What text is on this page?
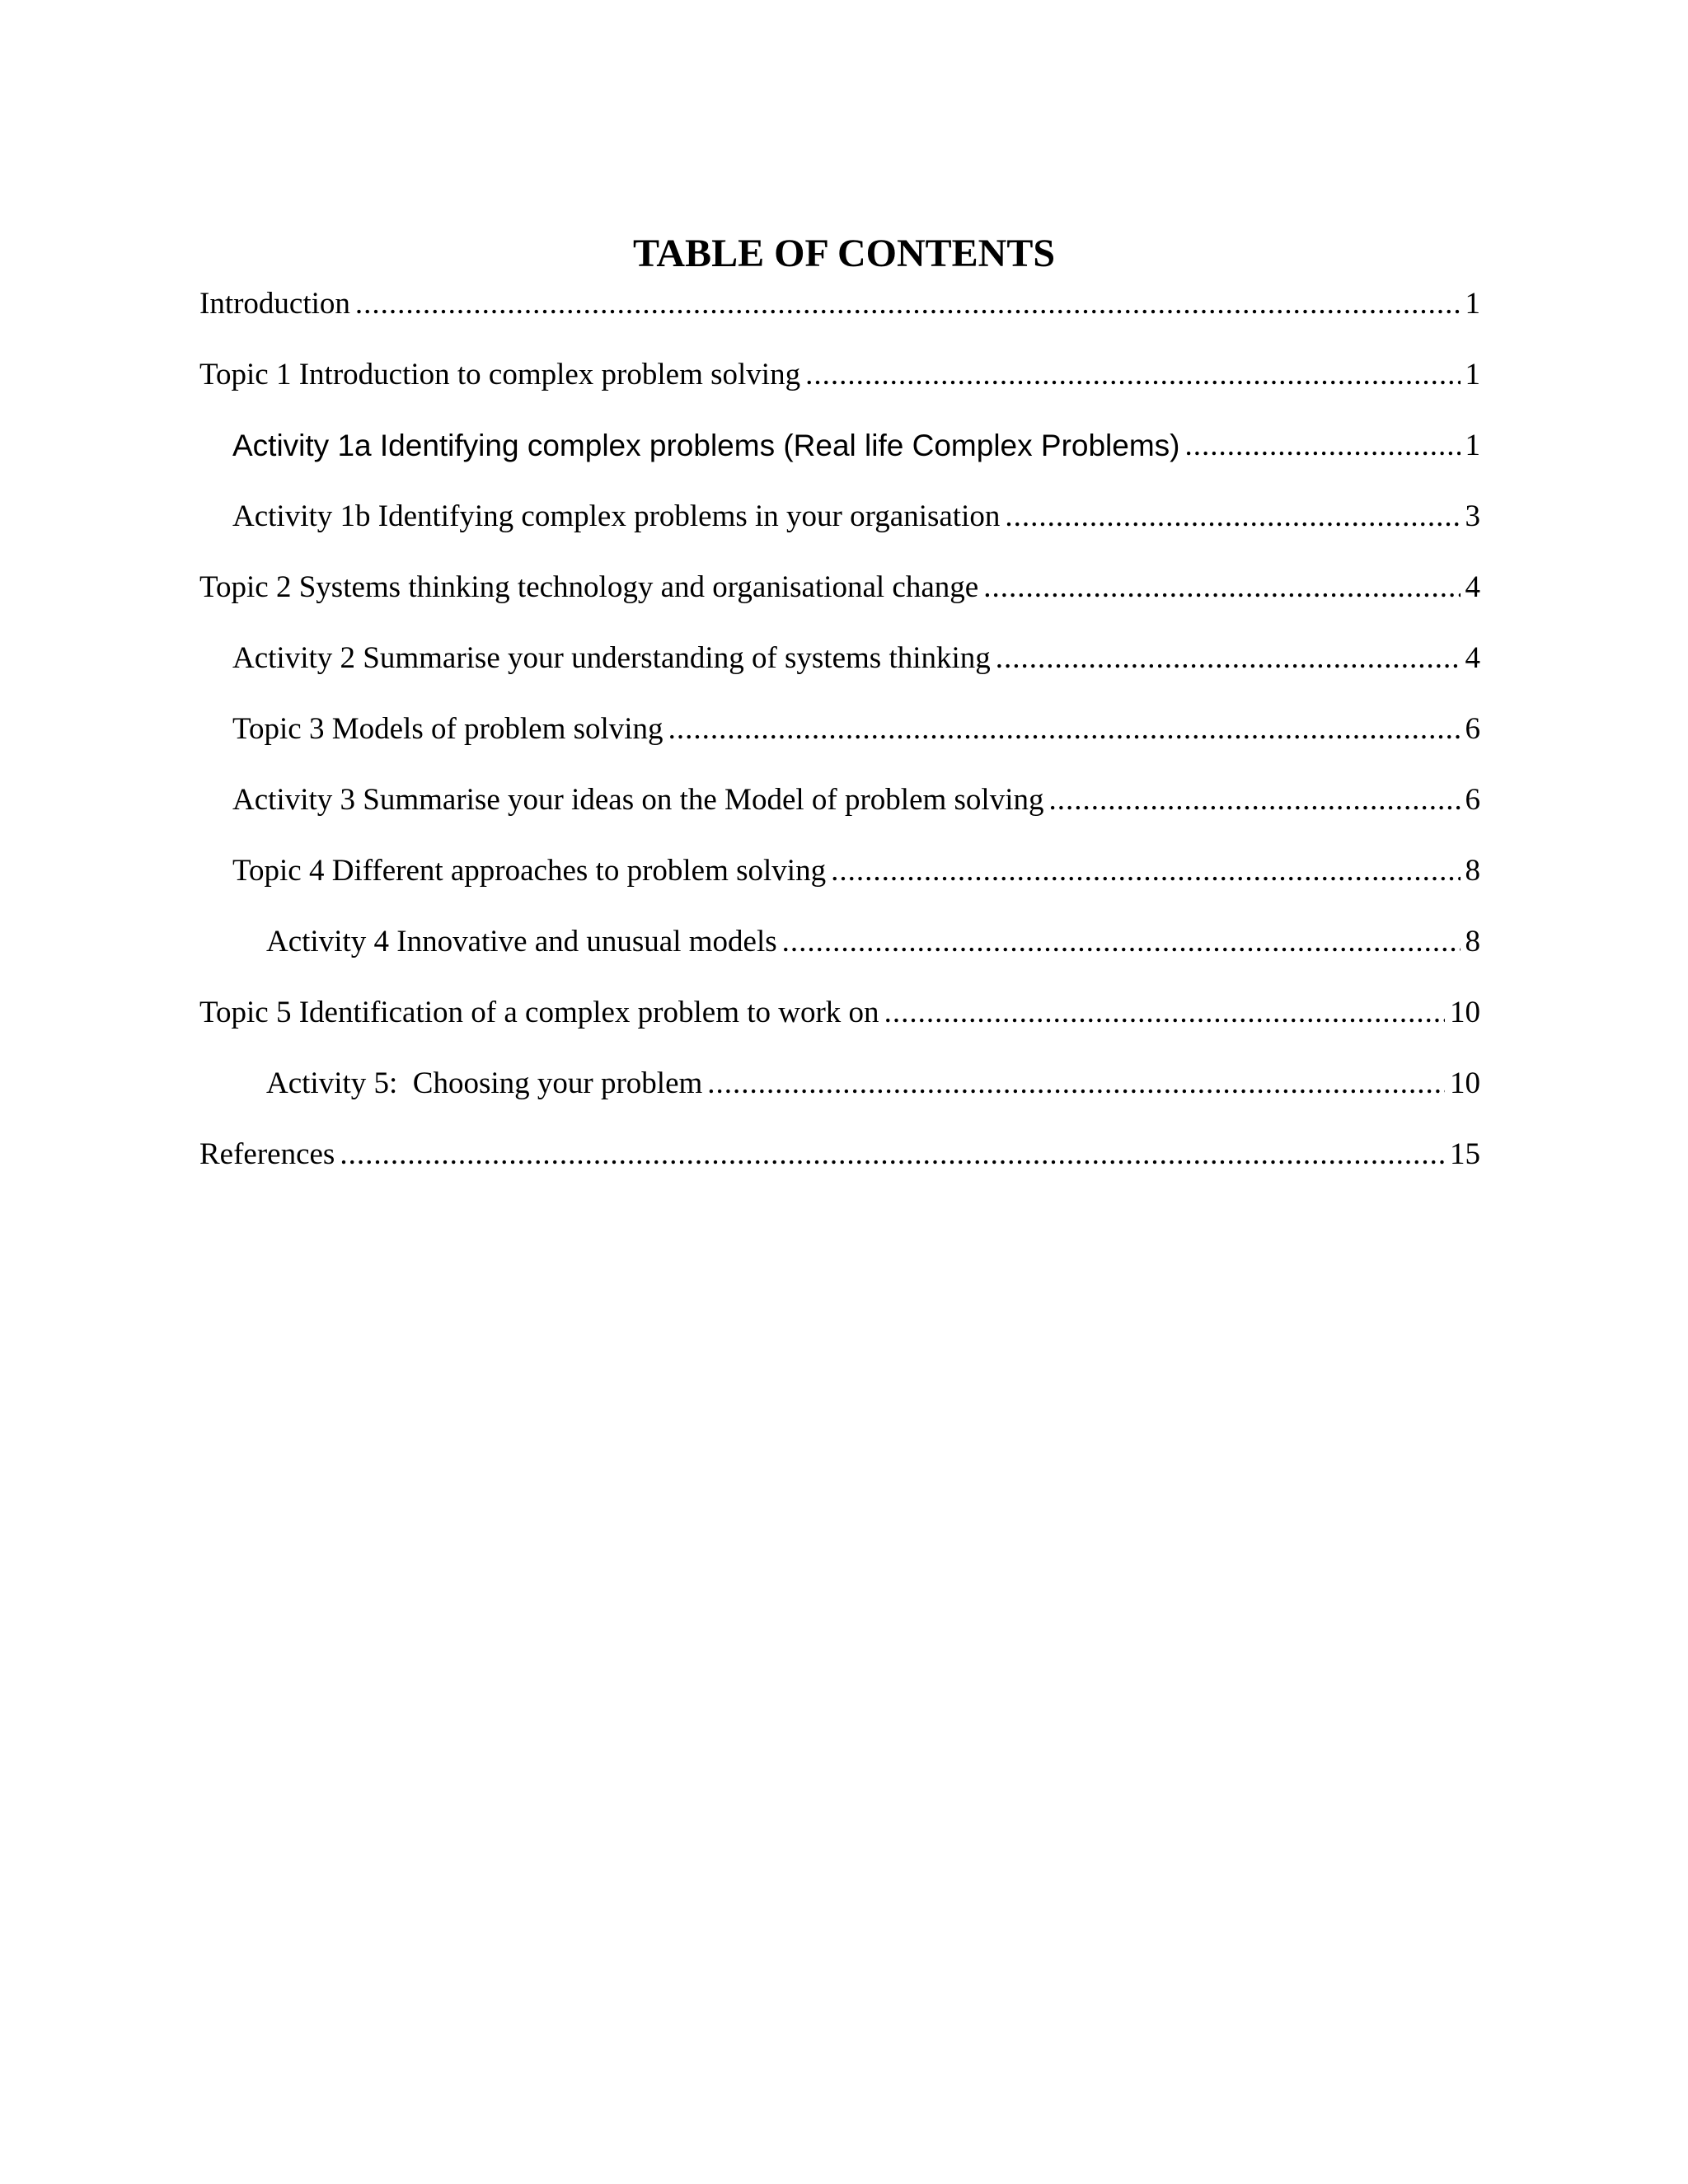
TABLE OF CONTENTS
Introduction .....	1
Topic 1 Introduction to complex problem solving .....	1
Activity 1a Identifying complex problems (Real life Complex Problems) .....	1
Activity 1b Identifying complex problems in your organisation .....	3
Topic 2 Systems thinking technology and organisational change .....	4
Activity 2 Summarise your understanding of systems thinking .....	4
Topic 3 Models of problem solving .....	6
Activity 3 Summarise your ideas on the Model of problem solving .....	6
Topic 4 Different approaches to problem solving .....	8
Activity 4 Innovative and unusual models .....	8
Topic 5 Identification of a complex problem to work on .....	10
Activity 5:  Choosing your problem .....	10
References .....	15
